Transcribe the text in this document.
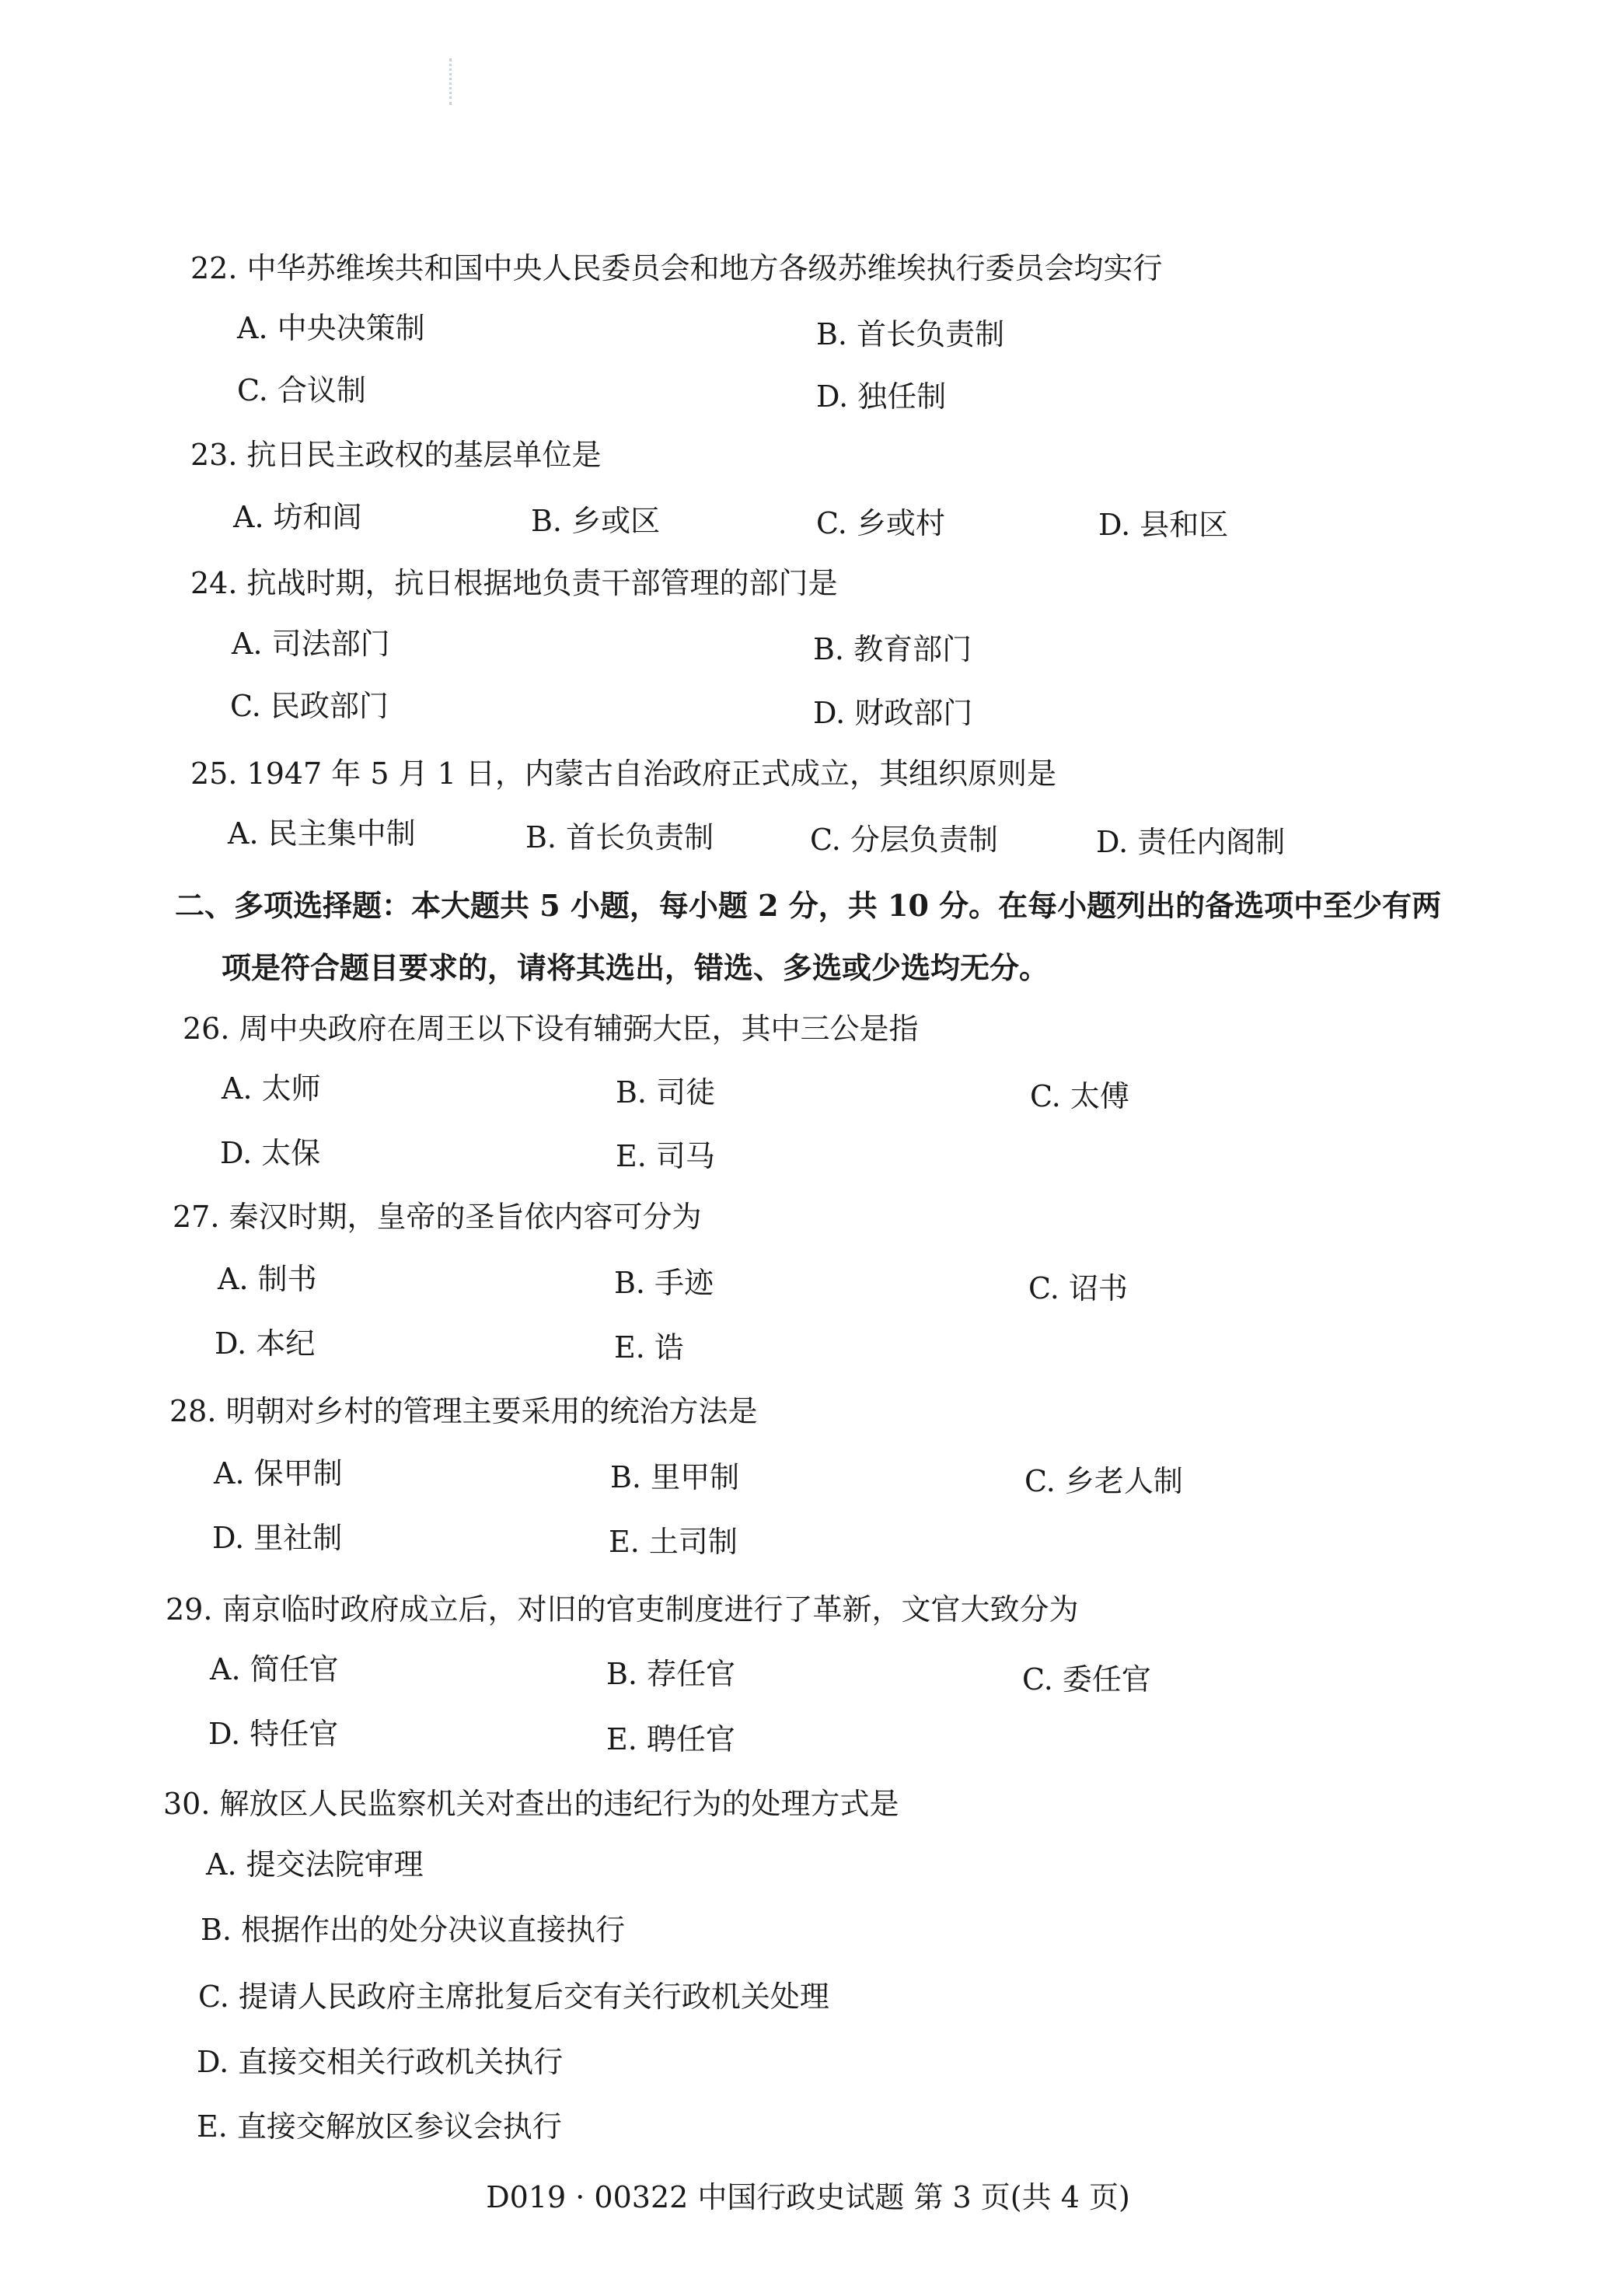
22. 中华苏维埃共和国中央人民委员会和地方各级苏维埃执行委员会均实行
A. 中央决策制	B. 首长负责制
C. 合议制	D. 独任制
23. 抗日民主政权的基层单位是
A. 坊和闾	B. 乡或区	C. 乡或村	D. 县和区
24. 抗战时期，抗日根据地负责干部管理的部门是
A. 司法部门	B. 教育部门
C. 民政部门	D. 财政部门
25. 1947 年 5 月 1 日，内蒙古自治政府正式成立，其组织原则是
A. 民主集中制	B. 首长负责制	C. 分层负责制	D. 责任内阁制
二、多项选择题：本大题共 5 小题，每小题 2 分，共 10 分。在每小题列出的备选项中至少有两
项是符合题目要求的，请将其选出，错选、多选或少选均无分。
26. 周中央政府在周王以下设有辅弼大臣，其中三公是指
A. 太师	B. 司徒	C. 太傅
D. 太保	E. 司马
27. 秦汉时期，皇帝的圣旨依内容可分为
A. 制书	B. 手迹	C. 诏书
D. 本纪	E. 诰
28. 明朝对乡村的管理主要采用的统治方法是
A. 保甲制	B. 里甲制	C. 乡老人制
D. 里社制	E. 土司制
29. 南京临时政府成立后，对旧的官吏制度进行了革新，文官大致分为
A. 简任官	B. 荐任官	C. 委任官
D. 特任官	E. 聘任官
30. 解放区人民监察机关对查出的违纪行为的处理方式是
A. 提交法院审理
B. 根据作出的处分决议直接执行
C. 提请人民政府主席批复后交有关行政机关处理
D. 直接交相关行政机关执行
E. 直接交解放区参议会执行
D019 · 00322 中国行政史试题 第 3 页(共 4 页)
